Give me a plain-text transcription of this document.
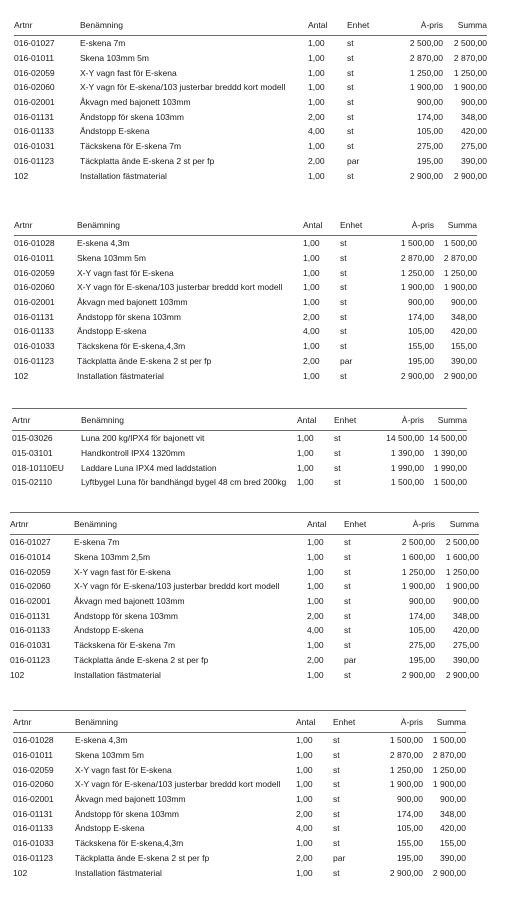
Artnr	Benämning	Antal	Enhet	À-pris	Summa
016-01027	E-skena 7m	1,00	st	2 500,00	2 500,00
016-01011	Skena 103mm 5m	1,00	st	2 870,00	2 870,00
016-02059	X-Y vagn fast för E-skena	1,00	st	1 250,00	1 250,00
016-02060	X-Y vagn för E-skena/103 justerbar breddd kort modell	1,00	st	1 900,00	1 900,00
016-02001	Åkvagn med bajonett 103mm	1,00	st	900,00	900,00
016-01131	Ändstopp för skena 103mm	2,00	st	174,00	348,00
016-01133	Ändstopp E-skena	4,00	st	105,00	420,00
016-01031	Täckskena för E-skena 7m	1,00	st	275,00	275,00
016-01123	Täckplatta ände E-skena 2 st per fp	2,00	par	195,00	390,00
102	Installation fästmaterial	1,00	st	2 900,00	2 900,00
Artnr	Benämning	Antal	Enhet	À-pris	Summa
016-01028	E-skena 4,3m	1,00	st	1 500,00	1 500,00
016-01011	Skena 103mm 5m	1,00	st	2 870,00	2 870,00
016-02059	X-Y vagn fast för E-skena	1,00	st	1 250,00	1 250,00
016-02060	X-Y vagn för E-skena/103 justerbar breddd kort modell	1,00	st	1 900,00	1 900,00
016-02001	Åkvagn med bajonett 103mm	1,00	st	900,00	900,00
016-01131	Ändstopp för skena 103mm	2,00	st	174,00	348,00
016-01133	Ändstopp E-skena	4,00	st	105,00	420,00
016-01033	Täckskena för E-skena,4,3m	1,00	st	155,00	155,00
016-01123	Täckplatta ände E-skena 2 st per fp	2,00	par	195,00	390,00
102	Installation fästmaterial	1,00	st	2 900,00	2 900,00
Artnr	Benämning	Antal	Enhet	À-pris	Summa
015-03026	Luna 200 kg/IPX4 för bajonett vit	1,00	st	14 500,00	14 500,00
015-03101	Handkontroll IPX4 1320mm	1,00	st	1 390,00	1 390,00
018-10110EU	Laddare Luna IPX4 med laddstation	1,00	st	1 990,00	1 990,00
015-02110	Lyftbygel Luna för bandhängd bygel 48 cm bred 200kg	1,00	st	1 500,00	1 500,00
Artnr	Benämning	Antal	Enhet	À-pris	Summa
016-01027	E-skena 7m	1,00	st	2 500,00	2 500,00
016-01014	Skena 103mm 2,5m	1,00	st	1 600,00	1 600,00
016-02059	X-Y vagn fast för E-skena	1,00	st	1 250,00	1 250,00
016-02060	X-Y vagn för E-skena/103 justerbar breddd kort modell	1,00	st	1 900,00	1 900,00
016-02001	Åkvagn med bajonett 103mm	1,00	st	900,00	900,00
016-01131	Ändstopp för skena 103mm	2,00	st	174,00	348,00
016-01133	Ändstopp E-skena	4,00	st	105,00	420,00
016-01031	Täckskena för E-skena 7m	1,00	st	275,00	275,00
016-01123	Täckplatta ände E-skena 2 st per fp	2,00	par	195,00	390,00
102	Installation fästmaterial	1,00	st	2 900,00	2 900,00
Artnr	Benämning	Antal	Enhet	À-pris	Summa
016-01028	E-skena 4,3m	1,00	st	1 500,00	1 500,00
016-01011	Skena 103mm 5m	1,00	st	2 870,00	2 870,00
016-02059	X-Y vagn fast för E-skena	1,00	st	1 250,00	1 250,00
016-02060	X-Y vagn för E-skena/103 justerbar breddd kort modell	1,00	st	1 900,00	1 900,00
016-02001	Åkvagn med bajonett 103mm	1,00	st	900,00	900,00
016-01131	Ändstopp för skena 103mm	2,00	st	174,00	348,00
016-01133	Ändstopp E-skena	4,00	st	105,00	420,00
016-01033	Täckskena för E-skena,4,3m	1,00	st	155,00	155,00
016-01123	Täckplatta ände E-skena 2 st per fp	2,00	par	195,00	390,00
102	Installation fästmaterial	1,00	st	2 900,00	2 900,00
